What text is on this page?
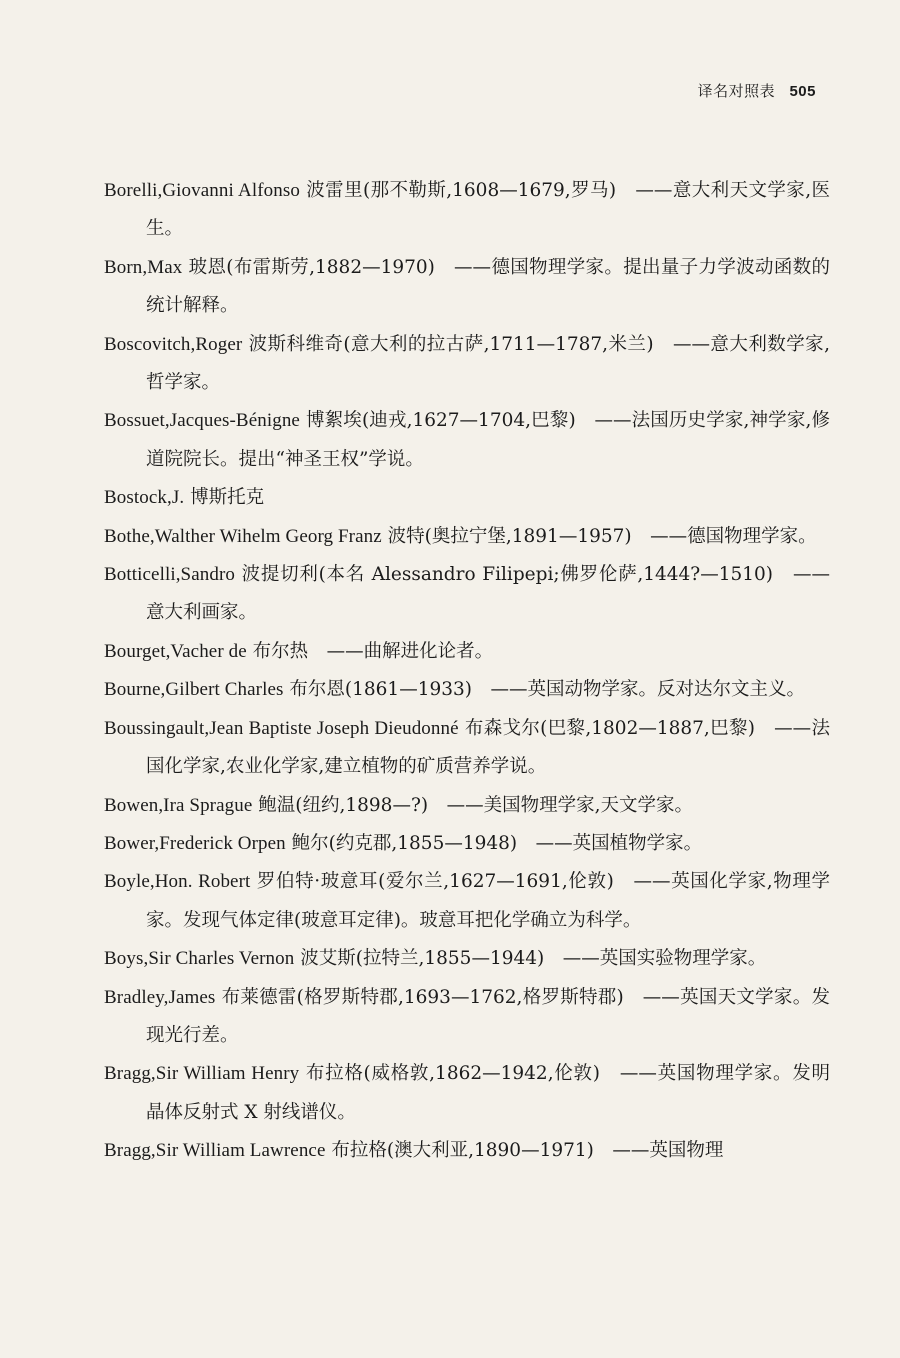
译名对照表 505
Borelli,Giovanni Alfonso 波雷里(那不勒斯,1608—1679,罗马)　——意大利天文学家,医生。
Born,Max 玻恩(布雷斯劳,1882—1970)　——德国物理学家。提出量子力学波动函数的统计解释。
Boscovitch,Roger 波斯科维奇(意大利的拉古萨,1711—1787,米兰)　——意大利数学家,哲学家。
Bossuet,Jacques-Bénigne 博絮埃(迪戎,1627—1704,巴黎)　——法国历史学家,神学家,修道院院长。提出“神圣王权”学说。
Bostock,J. 博斯托克
Bothe,Walther Wihelm Georg Franz 波特(奥拉宁堡,1891—1957)　——德国物理学家。
Botticelli,Sandro 波提切利(本名 Alessandro Filipepi;佛罗伦萨,1444?—1510)　——意大利画家。
Bourget,Vacher de 布尔热　——曲解进化论者。
Bourne,Gilbert Charles 布尔恩(1861—1933)　——英国动物学家。反对达尔文主义。
Boussingault,Jean Baptiste Joseph Dieudonné 布森戈尔(巴黎,1802—1887,巴黎)　——法国化学家,农业化学家,建立植物的矿质营养学说。
Bowen,Ira Sprague 鲍温(纽约,1898—?)　——美国物理学家,天文学家。
Bower,Frederick Orpen 鲍尔(约克郡,1855—1948)　——英国植物学家。
Boyle,Hon. Robert 罗伯特·玻意耳(爱尔兰,1627—1691,伦敦)　——英国化学家,物理学家。发现气体定律(玻意耳定律)。玻意耳把化学确立为科学。
Boys,Sir Charles Vernon 波艾斯(拉特兰,1855—1944)　——英国实验物理学家。
Bradley,James 布莱德雷(格罗斯特郡,1693—1762,格罗斯特郡)　——英国天文学家。发现光行差。
Bragg,Sir William Henry 布拉格(威格敦,1862—1942,伦敦)　——英国物理学家。发明晶体反射式 X 射线谱仪。
Bragg,Sir William Lawrence 布拉格(澳大利亚,1890—1971)　——英国物理
